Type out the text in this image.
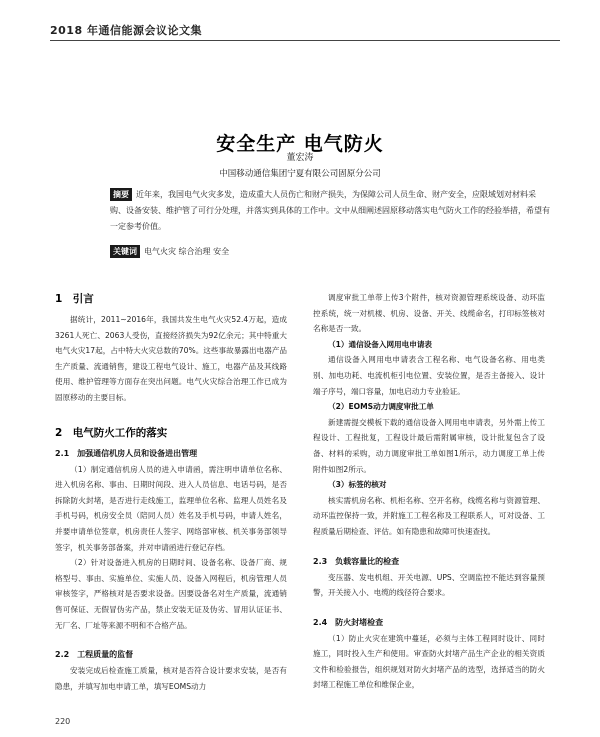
2018 年通信能源会议论文集
安全生产 电气防火
董宏涛
中国移动通信集团宁夏有限公司固原分公司
摘要 近年来，我国电气火灾多发，造成重大人员伤亡和财产损失，为保障公司人员生命、财产安全，应限域划对材料采购、设备安装、维护管了可行分处理，并落实到具体的工作中。文中从细阐述固原移动落实电气防火工作的经验举措，希望有一定参考价值。
关键词 电气火灾 综合治理 安全
1　引言

据统计，2011~2016年，我国共发生电气火灾52.4万起，造成3261人死亡、2063人受伤，直接经济损失为92亿余元；其中特重大电气火灾17起，占中特大火灾总数的70%。这些事故暴露出电器产品生产质量、流通销售，建设工程电气设计、施工，电器产品及其线路使用、维护管理等方面存在突出问题。电气火灾综合治理工作已成为固原移动的主要目标。

2　电气防火工作的落实
2.1　加强通信机房人员和设备进出管理

（1）制定通信机房人员的进入申请函，需注明申请单位名称、进入机房名称、事由、日期时间段、进入人员信息、电话号码，是否拆除防火封堵，是否进行走线施工，监理单位名称、监理人员姓名及手机号码，机房安全员（陪同人员）姓名及手机号码，申请人姓名，并要申请单位签章，机房责任人签字、网络部审核、机关事务部领导签字，机关事务部备案，并对申请函进行登记存档。

（2）针对设备进入机房的日期时间、设备名称、设备厂商、规格型号、事由、实施单位、实施人员、设备入网程后，机房管理人员审核签字，严格核对是否要求设备。因要设备名对生产质量，流通销售可保证、无假冒伪劣产品，禁止安装无证及伪劣、冒用认证证书、无厂名、厂址等来源不明和不合格产品。

2.2　工程质量的监督

安装完成后检查施工质量，核对是否符合设计要求安装，是否有隐患，并填写加电申请工单，填写EOMS动力

调度审批工单带上传3个附件，核对资源管理系统设备、动环监控系统，统一对机楼、机房、设备、开关、线缆命名，打印标签核对名称是否一致。

（1）通信设备入网用电申请表

通信设备入网用电申请表含工程名称、电气设备名称、用电类别、加电功耗、电流机柜引电位置、安装位置，是否主备接入、设计端子序号，端口容量，加电启动力专业验证。

（2）EOMS动力调度审批工单

新建需提交模板下载的通信设备入网用电申请表，另外需上传工程设计、工程批复，工程设计最后需附属审核，设计批复包含了设备、材料的采购，动力调度审批工单如图1所示，动力调度工单上传附件如图2所示。

（3）标签的核对

核实需机房名称、机柜名称、空开名称，线缆名称与资源管理、动环监控保持一致，并附施工工程名称及工程联系人，可对设备、工程质量后期检查、评估。如有隐患和故障可快速查找。

2.3　负载容量比的检查

变压器、发电机组、开关电源、UPS、空调监控不能达到容量预警，开关接入小、电缆的线径符合要求。

2.4　防火封堵检查

（1）防止火灾在建筑中蔓延，必须与主体工程同时设计、同时施工，同时投入生产和使用。审查防火封堵产品生产企业的相关资质文件和检验报告，组织规划对防火封堵产品的选型，选择适当的防火封堵工程施工单位和维保企业，

220
